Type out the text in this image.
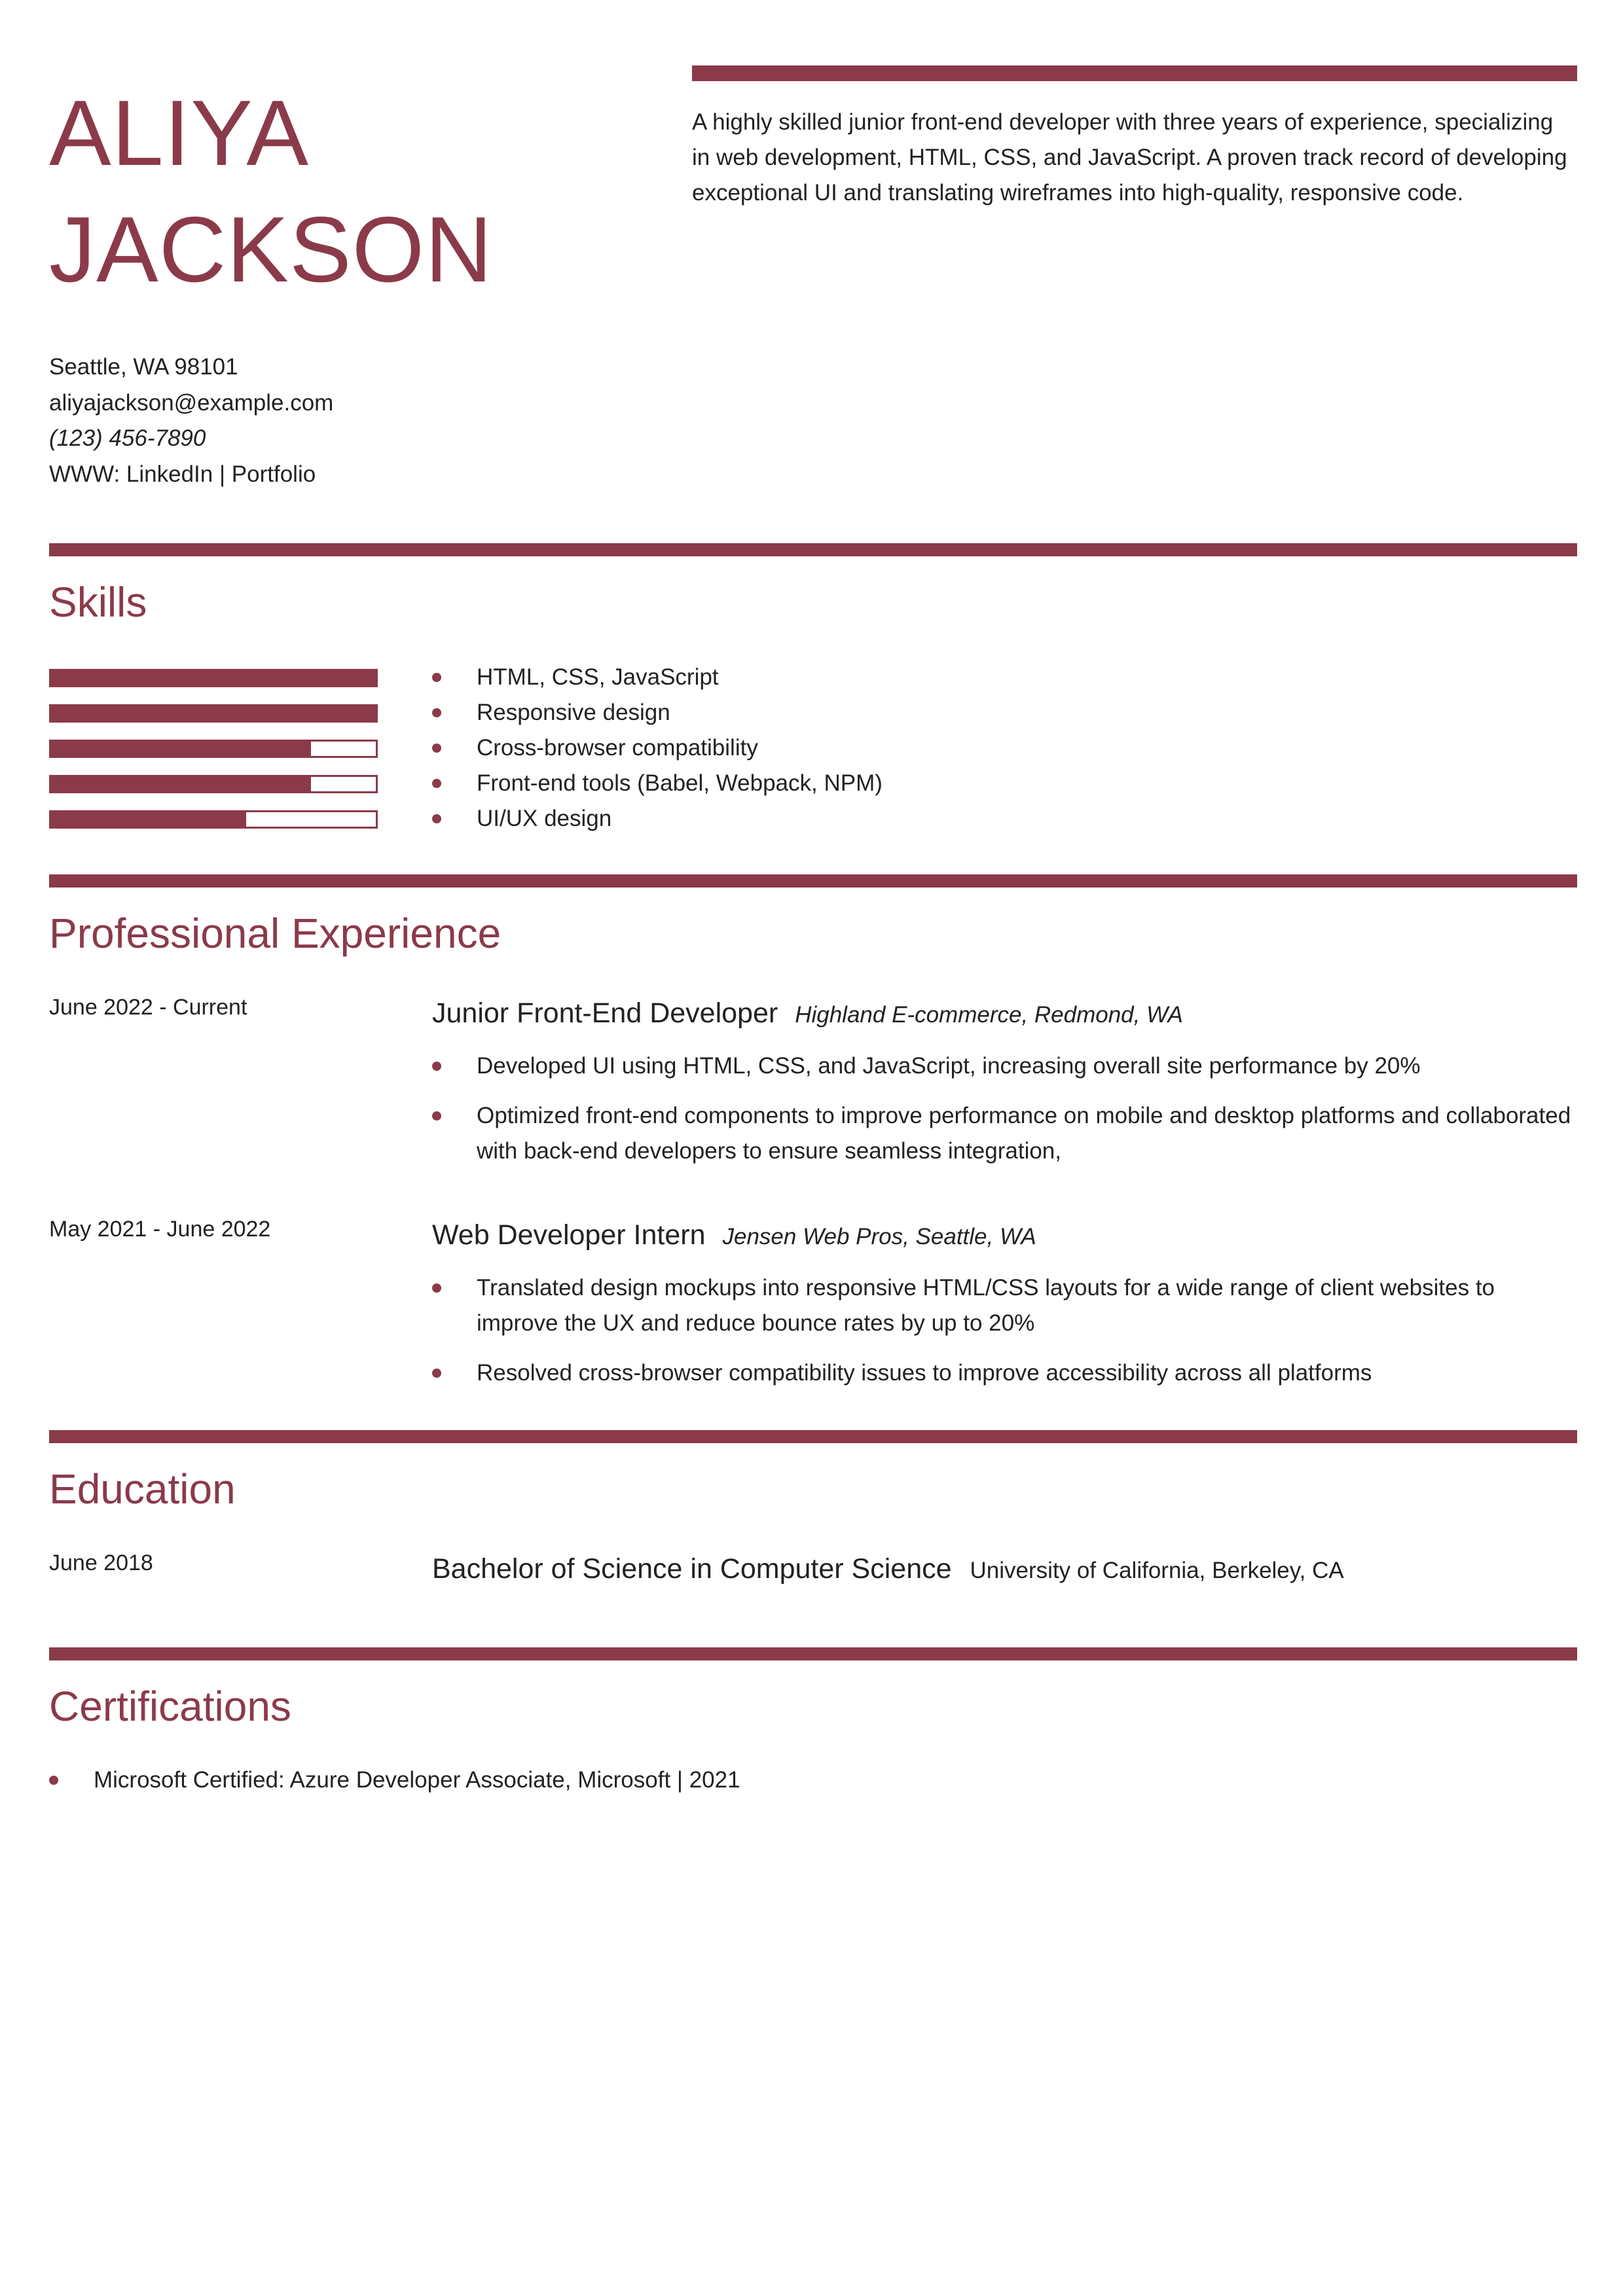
ALIYA
JACKSON

A highly skilled junior front-end developer with three years of experience, specializing in web development, HTML, CSS, and JavaScript. A proven track record of developing exceptional UI and translating wireframes into high-quality, responsive code.

Seattle, WA 98101
aliyajackson@example.com
(123) 456-7890
WWW: LinkedIn | Portfolio
Skills
HTML, CSS, JavaScript
Responsive design
Cross-browser compatibility
Front-end tools (Babel, Webpack, NPM)
UI/UX design
Professional Experience
June 2022 - Current	Junior Front-End Developer Highland E-commerce, Redmond, WA
Developed UI using HTML, CSS, and JavaScript, increasing overall site performance by 20%
Optimized front-end components to improve performance on mobile and desktop platforms and collaborated with back-end developers to ensure seamless integration,
May 2021 - June 2022	Web Developer Intern Jensen Web Pros, Seattle, WA
Translated design mockups into responsive HTML/CSS layouts for a wide range of client websites to improve the UX and reduce bounce rates by up to 20%
Resolved cross-browser compatibility issues to improve accessibility across all platforms
Education
June 2018	Bachelor of Science in Computer Science University of California, Berkeley, CA
Certifications
Microsoft Certified: Azure Developer Associate, Microsoft | 2021
